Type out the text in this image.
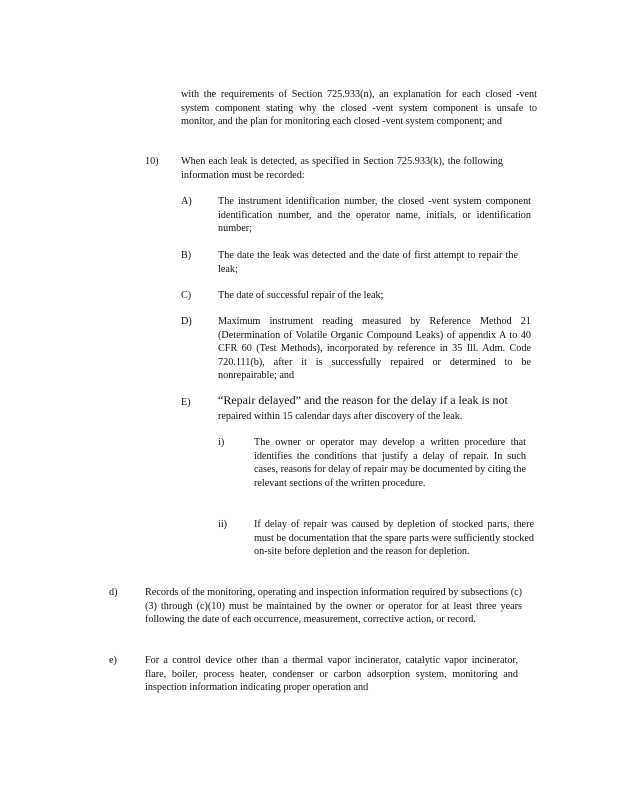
with the requirements of Section 725.933(n), an explanation for each closed -vent system component stating why the closed -vent system component is unsafe to monitor, and the plan for monitoring each closed -vent system component; and
10) When each leak is detected, as specified in Section 725.933(k), the following information must be recorded:
A)	The instrument identification number, the closed -vent system component identification number, and the operator name, initials, or identification number;
B)	The date the leak was detected and the date of first attempt to repair the leak;
C)	The date of successful repair of the leak;
D)	Maximum instrument reading measured by Reference Method 21 (Determination of Volatile Organic Compound Leaks) of appendix A to 40 CFR 60 (Test Methods), incorporated by reference in 35 Ill. Adm. Code 720.111(b), after it is successfully repaired or determined to be nonrepairable; and
E) “Repair delayed” and the reason for the delay if a leak is not
repaired within 15 calendar days after discovery of the leak.
i)	The owner or operator may develop a written procedure that identifies the conditions that justify a delay of repair. In such cases, reasons for delay of repair may be documented by citing the relevant sections of the written procedure.
ii)	If delay of repair was caused by depletion of stocked parts, there must be documentation that the spare parts were sufficiently stocked on-site before depletion and the reason for depletion.
d)	Records of the monitoring, operating and inspection information required by subsections (c)(3) through (c)(10) must be maintained by the owner or operator for at least three years following the date of each occurrence, measurement, corrective action, or record.
e)	For a control device other than a thermal vapor incinerator, catalytic vapor incinerator, flare, boiler, process heater, condenser or carbon adsorption system, monitoring and inspection information indicating proper operation and
